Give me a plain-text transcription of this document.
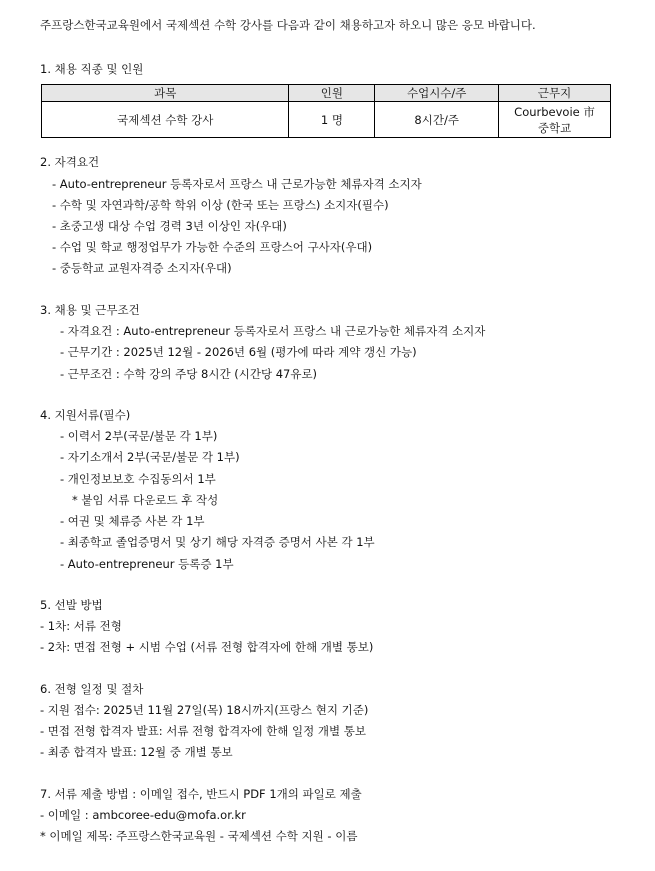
주프랑스한국교육원에서 국제섹션 수학 강사를 다음과 같이 채용하고자 하오니 많은 응모 바랍니다.
1. 채용 직종 및 인원
과목	인원	수업시수/주	근무지
국제섹션 수학 강사	1 명	8시간/주	Courbevoie 市
중학교
2. 자격요건
- Auto-entrepreneur 등록자로서 프랑스 내 근로가능한 체류자격 소지자
- 수학 및 자연과학/공학 학위 이상 (한국 또는 프랑스) 소지자(필수)
- 초중고생 대상 수업 경력 3년 이상인 자(우대)
- 수업 및 학교 행정업무가 가능한 수준의 프랑스어 구사자(우대)
- 중등학교 교원자격증 소지자(우대)
3. 채용 및 근무조건
- 자격요건 : Auto-entrepreneur 등록자로서 프랑스 내 근로가능한 체류자격 소지자
- 근무기간 : 2025년 12월 - 2026년 6월 (평가에 따라 계약 갱신 가능)
- 근무조건 : 수학 강의 주당 8시간 (시간당 47유로)
4. 지원서류(필수)
- 이력서 2부(국문/불문 각 1부)
- 자기소개서 2부(국문/불문 각 1부)
- 개인정보보호 수집동의서 1부
* 붙임 서류 다운로드 후 작성
- 여권 및 체류증 사본 각 1부
- 최종학교 졸업증명서 및 상기 해당 자격증 증명서 사본 각 1부
- Auto-entrepreneur 등록증 1부
5. 선발 방법
- 1차: 서류 전형
- 2차: 면접 전형 + 시범 수업 (서류 전형 합격자에 한해 개별 통보)
6. 전형 일정 및 절차
- 지원 접수: 2025년 11월 27일(목) 18시까지(프랑스 현지 기준)
- 면접 전형 합격자 발표: 서류 전형 합격자에 한해 일정 개별 통보
- 최종 합격자 발표: 12월 중 개별 통보
7. 서류 제출 방법 : 이메일 접수, 반드시 PDF 1개의 파일로 제출
- 이메일 : ambcoree-edu@mofa.or.kr
* 이메일 제목: 주프랑스한국교육원 - 국제섹션 수학 지원 - 이름
